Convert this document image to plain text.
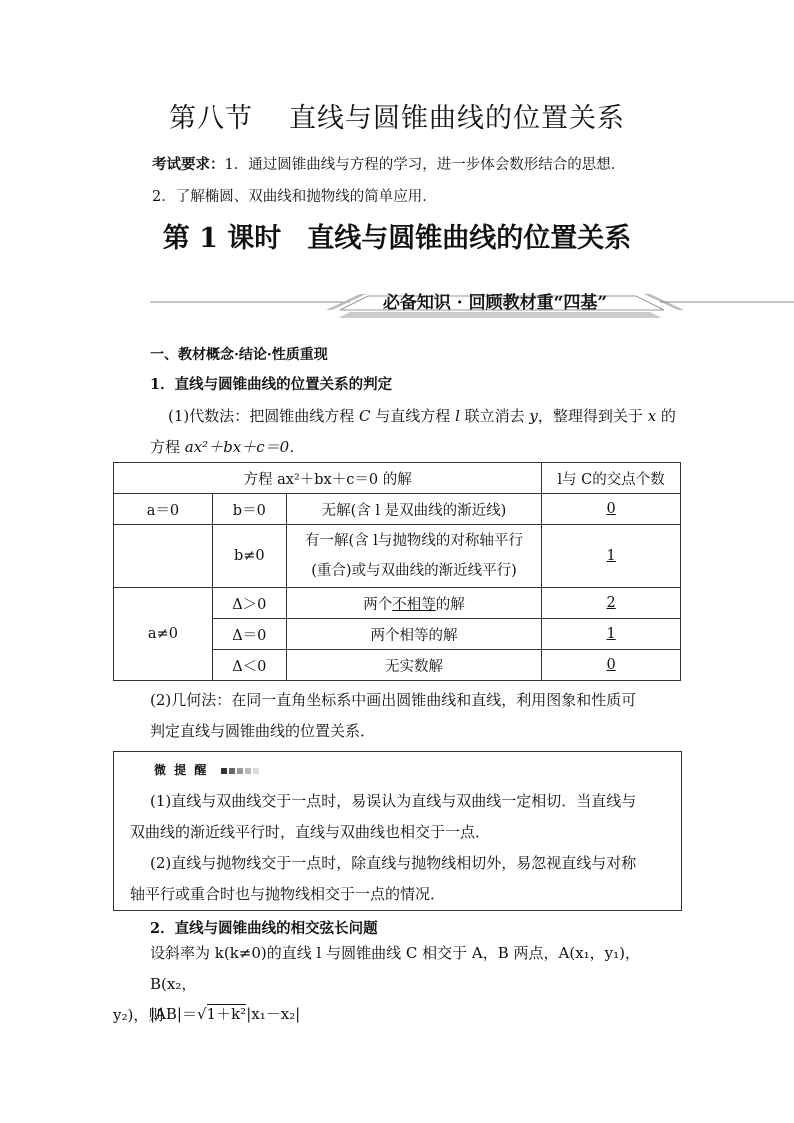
第八节 直线与圆锥曲线的位置关系
考试要求：1．通过圆锥曲线与方程的学习，进一步体会数形结合的思想．
2．了解椭圆、双曲线和抛物线的简单应用．
第 1 课时 直线与圆锥曲线的位置关系
必备知识 · 回顾教材重“四基”
一、教材概念·结论·性质重现
1．直线与圆锥曲线的位置关系的判定
(1)代数法：把圆锥曲线方程 C 与直线方程 l 联立消去 y，整理得到关于 x 的
方程 ax²＋bx＋c＝0．
方程 ax²＋bx＋c＝0 的解			l与 C的交点个数
a＝0	b＝0	无解(含 l 是双曲线的渐近线)	0
	b≠0	有一解(含 l与抛物线的对称轴平行
(重合)或与双曲线的渐近线平行)	1
a≠0	Δ＞0	两个不相等的解	2
	Δ＝0	两个相等的解	1
	Δ＜0	无实数解	0
(2)几何法：在同一直角坐标系中画出圆锥曲线和直线，利用图象和性质可
判定直线与圆锥曲线的位置关系．
微 提 醒
(1)直线与双曲线交于一点时，易误认为直线与双曲线一定相切．当直线与
双曲线的渐近线平行时，直线与双曲线也相交于一点．
(2)直线与抛物线交于一点时，除直线与抛物线相切外，易忽视直线与对称
轴平行或重合时也与抛物线相交于一点的情况．
2．直线与圆锥曲线的相交弦长问题
设斜率为 k(k≠0)的直线 l 与圆锥曲线 C 相交于 A，B 两点，A(x₁，y₁)，B(x₂，
y₂)，则
|AB|＝√1＋k²|x₁－x₂|
